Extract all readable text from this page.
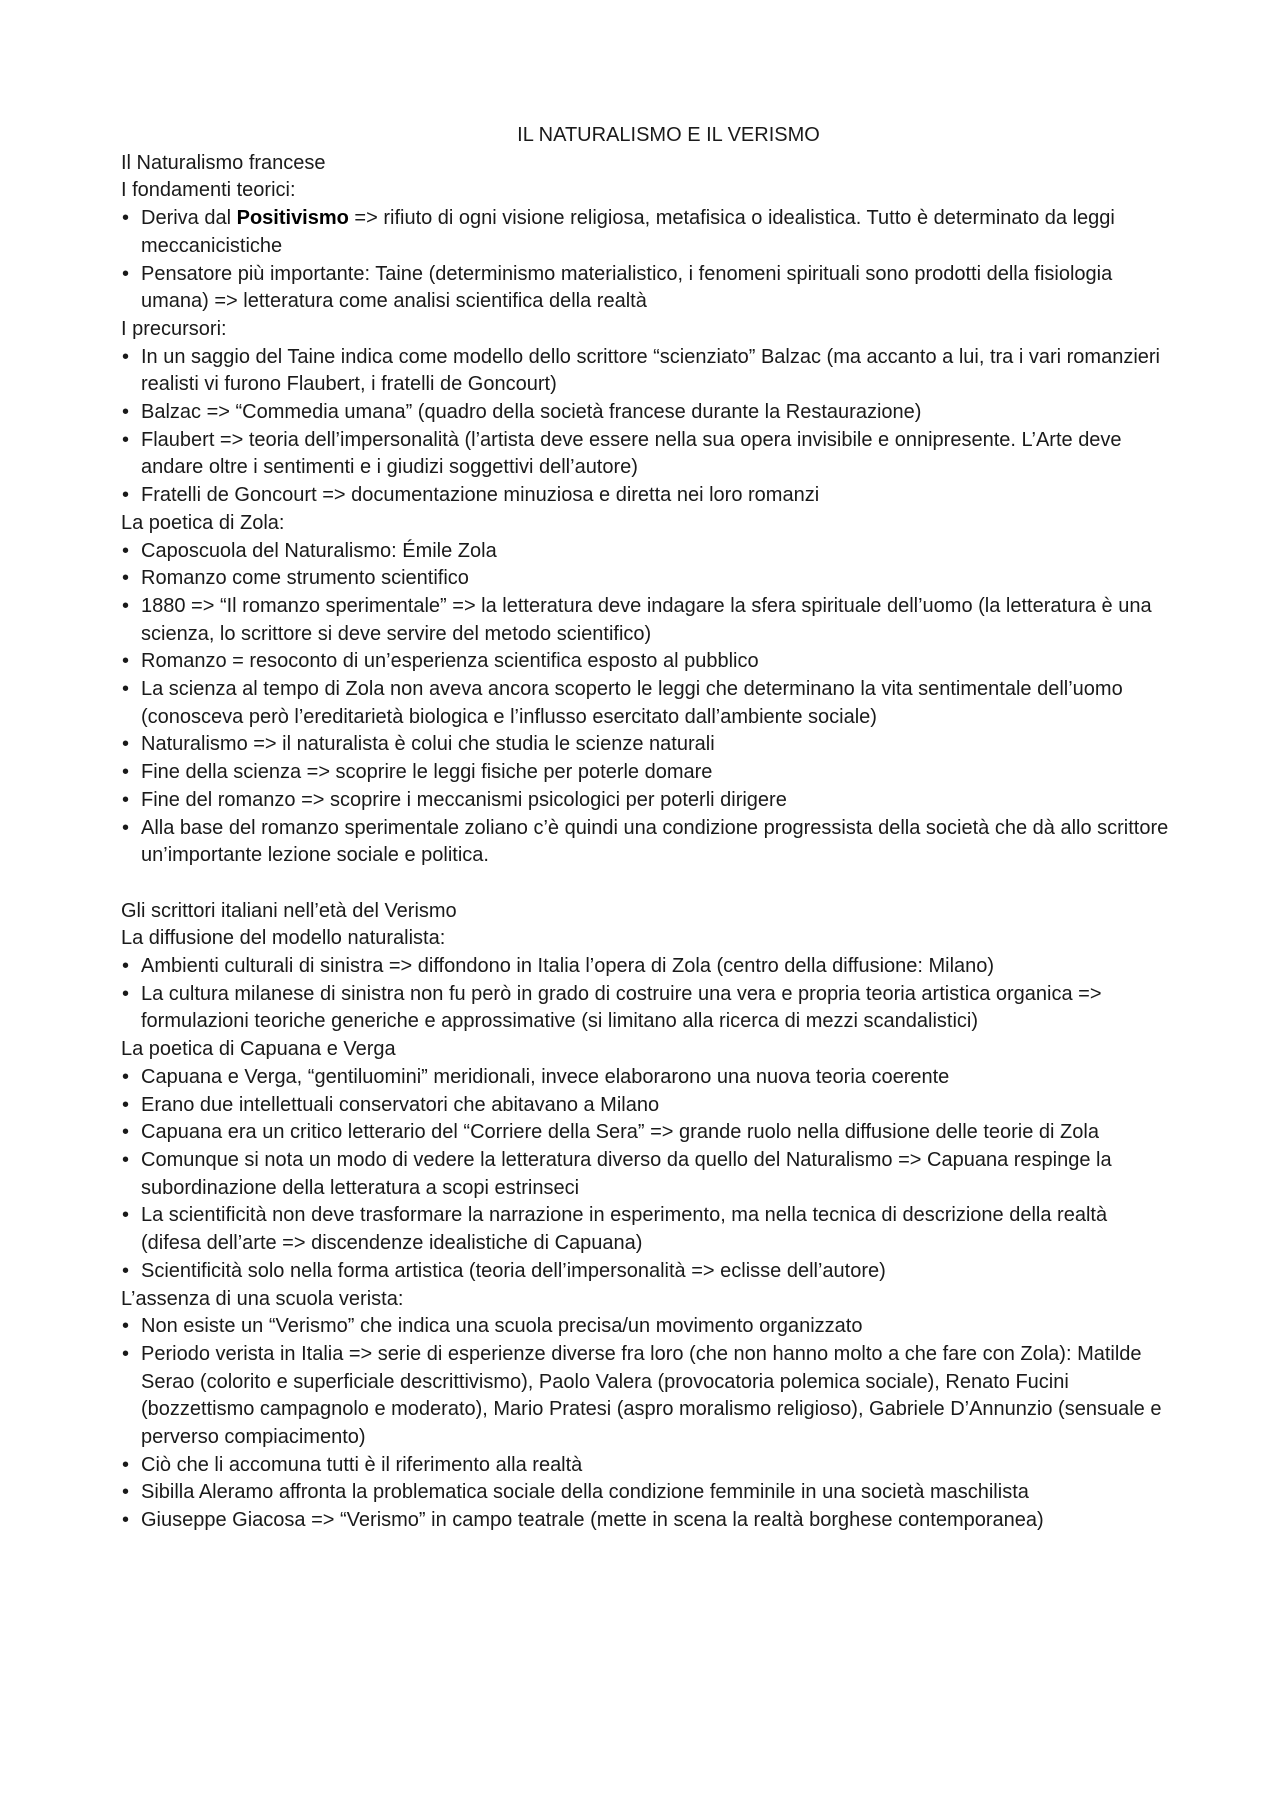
IL NATURALISMO E IL VERISMO
Il Naturalismo francese
I fondamenti teorici:
• Deriva dal Positivismo => rifiuto di ogni visione religiosa, metafisica o idealistica. Tutto è determinato da leggi meccanicistiche
• Pensatore più importante: Taine (determinismo materialistico, i fenomeni spirituali sono prodotti della fisiologia umana) => letteratura come analisi scientifica della realtà
I precursori:
• In un saggio del Taine indica come modello dello scrittore “scienziato” Balzac (ma accanto a lui, tra i vari romanzieri realisti vi furono Flaubert, i fratelli de Goncourt)
• Balzac => “Commedia umana” (quadro della società francese durante la Restaurazione)
• Flaubert => teoria dell’impersonalità (l’artista deve essere nella sua opera invisibile e onnipresente. L’Arte deve andare oltre i sentimenti e i giudizi soggettivi dell’autore)
• Fratelli de Goncourt => documentazione minuziosa e diretta nei loro romanzi
La poetica di Zola:
• Caposcuola del Naturalismo: Émile Zola
• Romanzo come strumento scientifico
• 1880 => “Il romanzo sperimentale” => la letteratura deve indagare la sfera spirituale dell’uomo (la letteratura è una scienza, lo scrittore si deve servire del metodo scientifico)
• Romanzo = resoconto di un’esperienza scientifica esposto al pubblico
• La scienza al tempo di Zola non aveva ancora scoperto le leggi che determinano la vita sentimentale dell’uomo (conosceva però l’ereditarietà biologica e l’influsso esercitato dall’ambiente sociale)
• Naturalismo => il naturalista è colui che studia le scienze naturali
• Fine della scienza => scoprire le leggi fisiche per poterle domare
• Fine del romanzo => scoprire i meccanismi psicologici per poterli dirigere
• Alla base del romanzo sperimentale zoliano c’è quindi una condizione progressista della società che dà allo scrittore un’importante lezione sociale e politica.
Gli scrittori italiani nell’età del Verismo
La diffusione del modello naturalista:
• Ambienti culturali di sinistra => diffondono in Italia l’opera di Zola (centro della diffusione: Milano)
• La cultura milanese di sinistra non fu però in grado di costruire una vera e propria teoria artistica organica => formulazioni teoriche generiche e approssimative (si limitano alla ricerca di mezzi scandalistici)
La poetica di Capuana e Verga
• Capuana e Verga, “gentiluomini” meridionali, invece elaborarono una nuova teoria coerente
• Erano due intellettuali conservatori che abitavano a Milano
• Capuana era un critico letterario del “Corriere della Sera” => grande ruolo nella diffusione delle teorie di Zola
• Comunque si nota un modo di vedere la letteratura diverso da quello del Naturalismo => Capuana respinge la subordinazione della letteratura a scopi estrinseci
• La scientificità non deve trasformare la narrazione in esperimento, ma nella tecnica di descrizione della realtà (difesa dell’arte => discendenze idealistiche di Capuana)
• Scientificità solo nella forma artistica (teoria dell’impersonalità => eclisse dell’autore)
L’assenza di una scuola verista:
• Non esiste un “Verismo” che indica una scuola precisa/un movimento organizzato
• Periodo verista in Italia => serie di esperienze diverse fra loro (che non hanno molto a che fare con Zola): Matilde Serao (colorito e superficiale descrittivismo), Paolo Valera (provocatoria polemica sociale), Renato Fucini (bozzettismo campagnolo e moderato), Mario Pratesi (aspro moralismo religioso), Gabriele D’Annunzio (sensuale e perverso compiacimento)
• Ciò che li accomuna tutti è il riferimento alla realtà
• Sibilla Aleramo affronta la problematica sociale della condizione femminile in una società maschilista
• Giuseppe Giacosa => “Verismo” in campo teatrale (mette in scena la realtà borghese contemporanea)
